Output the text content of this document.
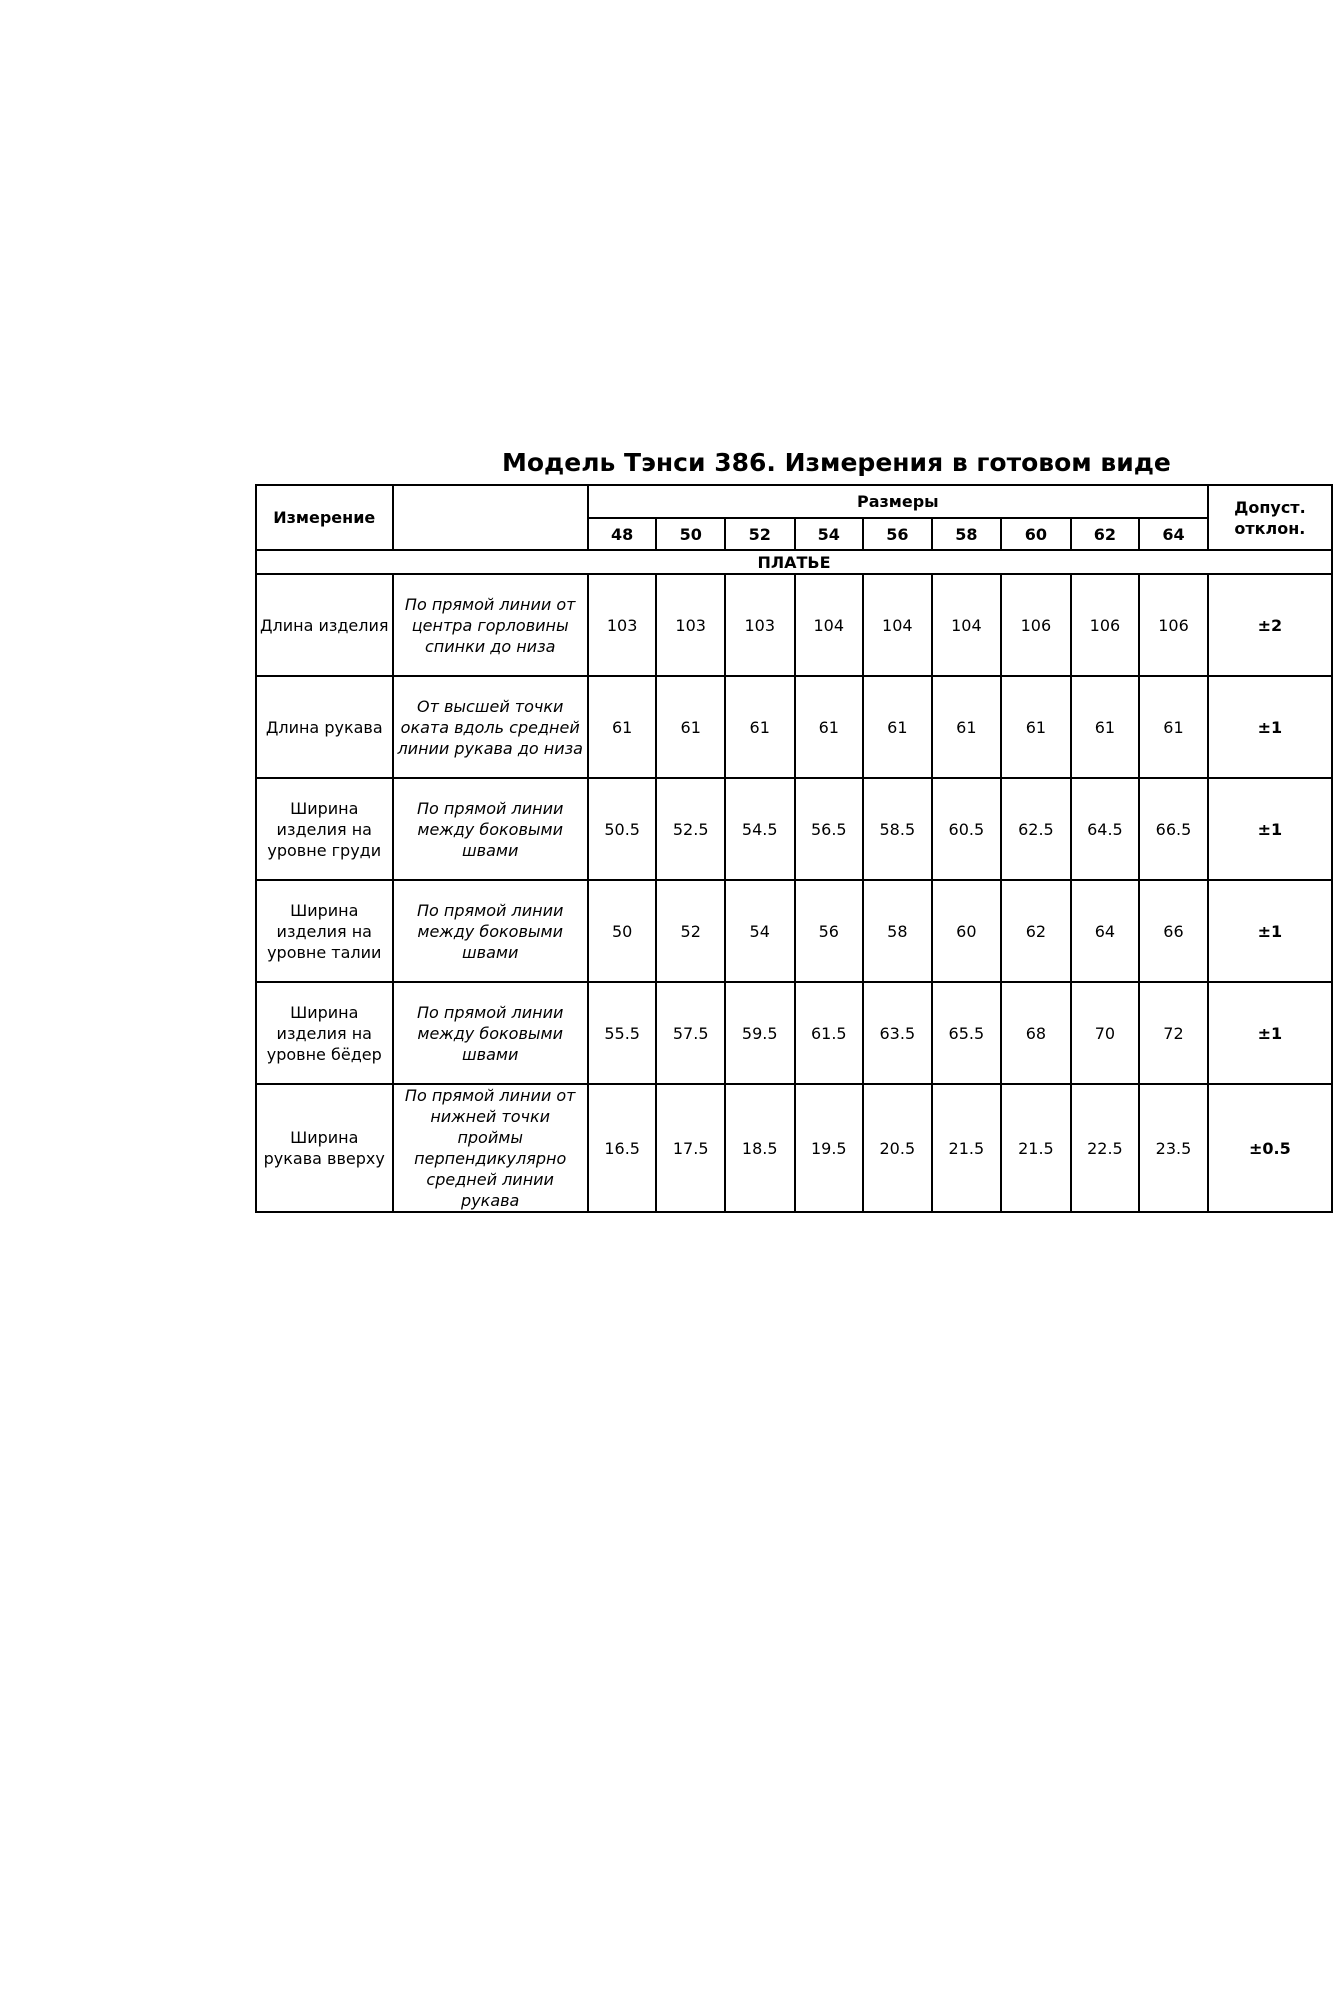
Модель Тэнси 386. Измерения в готовом виде
Измерение		Размеры									Допуст. отклон.
		48	50	52	54	56	58	60	62	64	
ПЛАТЬЕ											
Длина изделия	По прямой линии от центра горловины спинки до низа	103	103	103	104	104	104	106	106	106	±2
Длина рукава	От высшей точки оката вдоль средней линии рукава до низа	61	61	61	61	61	61	61	61	61	±1
Ширина изделия на уровне груди	По прямой линии между боковыми швами	50.5	52.5	54.5	56.5	58.5	60.5	62.5	64.5	66.5	±1
Ширина изделия на уровне талии	По прямой линии между боковыми швами	50	52	54	56	58	60	62	64	66	±1
Ширина изделия на уровне бёдер	По прямой линии между боковыми швами	55.5	57.5	59.5	61.5	63.5	65.5	68	70	72	±1
Ширина рукава вверху	По прямой линии от нижней точки проймы перпендикулярно средней линии рукава	16.5	17.5	18.5	19.5	20.5	21.5	21.5	22.5	23.5	±0.5
